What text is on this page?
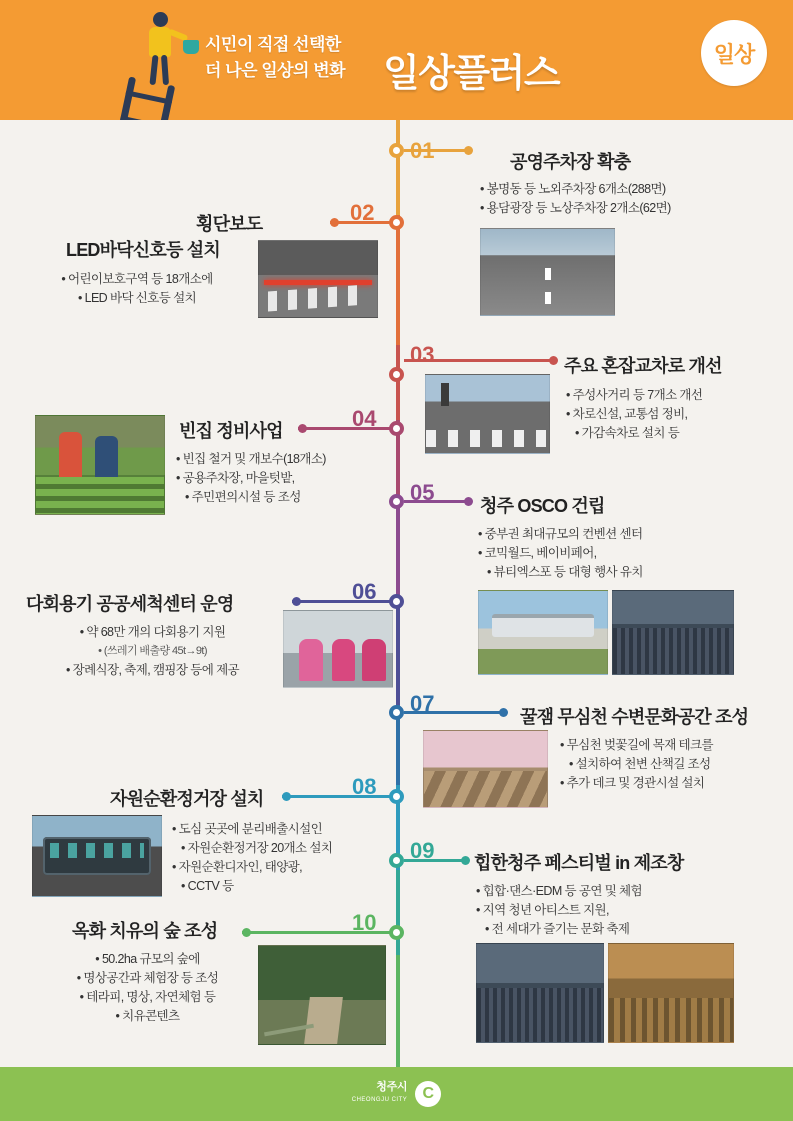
시민이 직접 선택한
더 나은 일상의 변화 일상플러스	일상
01	공영주차장 확충
• 봉명동 등 노외주차장 6개소(288면)
• 용담광장 등 노상주차장 2개소(62면)
02
횡단보도
LED바닥신호등 설치
• 어린이보호구역 등 18개소에
• LED 바닥 신호등 설치
03	주요 혼잡교차로 개선
• 주성사거리 등 7개소 개선
• 차로신설, 교통섬 정비,
• 가감속차로 설치 등
04
빈집 정비사업
• 빈집 철거 및 개보수(18개소)
• 공용주차장, 마을텃밭,
• 주민편의시설 등 조성	05
청주 OSCO 건립
• 중부권 최대규모의 컨벤션 센터
• 코믹월드, 베이비페어,
• 뷰티엑스포 등 대형 행사 유치
06
다회용기 공공세척센터 운영
• 약 68만 개의 다회용기 지원
• (쓰레기 배출량 45t→9t)
• 장례식장, 축제, 캠핑장 등에 제공
07
꿀잼 무심천 수변문화공간 조성
• 무심천 벚꽃길에 목재 테크를
• 설치하여 천변 산책길 조성
• 추가 데크 및 경관시설 설치
08
자원순환정거장 설치
• 도심 곳곳에 분리배출시설인
• 자원순환정거장 20개소 설치
• 자원순환디자인, 태양광,
• CCTV 등
09 힙한청주 페스티벌 in 제조창
• 힙합·댄스·EDM 등 공연 및 체험
• 지역 청년 아티스트 지원,
• 전 세대가 즐기는 문화 축제
10
옥화 치유의 숲 조성
• 50.2ha 규모의 숲에
• 명상공간과 체험장 등 조성
• 테라피, 명상, 자연체험 등
• 치유콘텐츠
청주시
CHEONGJU CITY C
